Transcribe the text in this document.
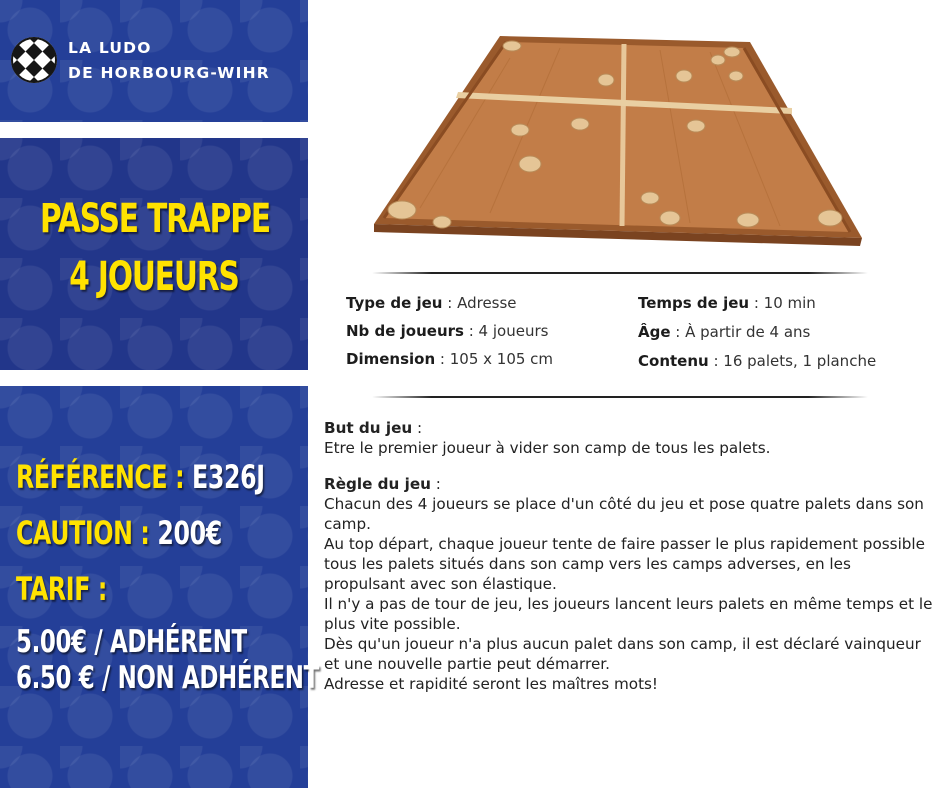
LA LUDO
DE HORBOURG-WIHR
PASSE TRAPPE
4 JOUEURS
RÉFÉRENCE : E326J
CAUTION : 200€
TARIF :
5.00€ / ADHÉRENT
6.50 € / NON ADHÉRENT
Type de jeu : Adresse
Nb de joueurs : 4 joueurs
Dimension : 105 x 105 cm
Temps de jeu : 10 min
Âge : À partir de 4 ans
Contenu : 16 palets, 1 planche

But du jeu :

Etre le premier joueur à vider son camp de tous les palets.

Règle du jeu :

Chacun des 4 joueurs se place d'un côté du jeu et pose quatre palets dans son camp.

Au top départ, chaque joueur tente de faire passer le plus rapidement possible tous les palets situés dans son camp vers les camps adverses, en les propulsant avec son élastique.

Il n'y a pas de tour de jeu, les joueurs lancent leurs palets en même temps et le plus vite possible.

Dès qu'un joueur n'a plus aucun palet dans son camp, il est déclaré vainqueur et une nouvelle partie peut démarrer.

Adresse et rapidité seront les maîtres mots!
